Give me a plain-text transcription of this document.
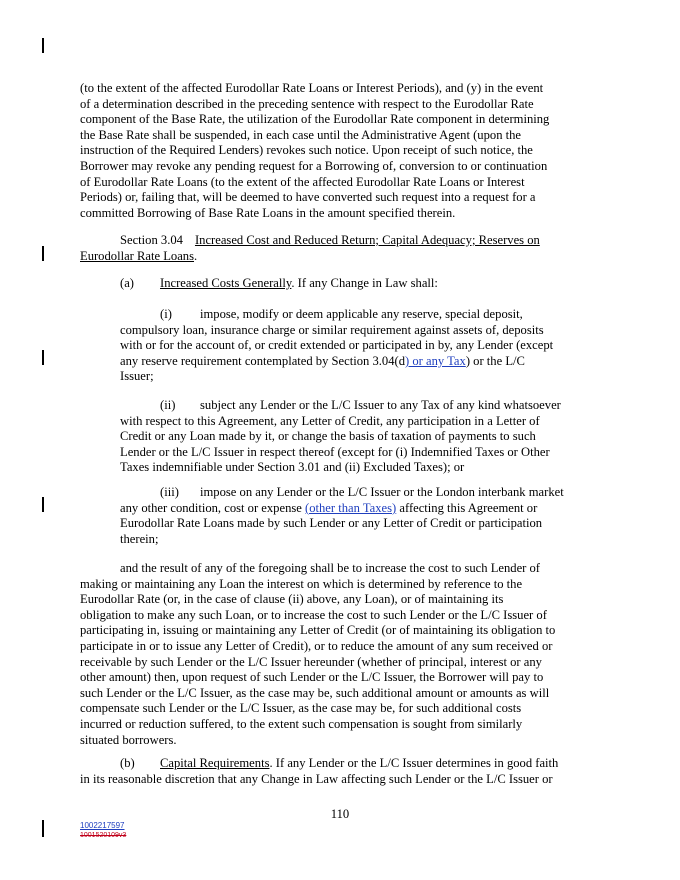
(to the extent of the affected Eurodollar Rate Loans or Interest Periods), and (y) in the event
of a determination described in the preceding sentence with respect to the Eurodollar Rate
component of the Base Rate, the utilization of the Eurodollar Rate component in determining
the Base Rate shall be suspended, in each case until the Administrative Agent (upon the
instruction of the Required Lenders) revokes such notice. Upon receipt of such notice, the
Borrower may revoke any pending request for a Borrowing of, conversion to or continuation
of Eurodollar Rate Loans (to the extent of the affected Eurodollar Rate Loans or Interest
Periods) or, failing that, will be deemed to have converted such request into a request for a
committed Borrowing of Base Rate Loans in the amount specified therein.
Section 3.04 Increased Cost and Reduced Return; Capital Adequacy; Reserves on
Eurodollar Rate Loans.
(a) Increased Costs Generally. If any Change in Law shall:
(i) impose, modify or deem applicable any reserve, special deposit,
compulsory loan, insurance charge or similar requirement against assets of, deposits
with or for the account of, or credit extended or participated in by, any Lender (except
any reserve requirement contemplated by Section 3.04(d) or any Tax) or the L/C
Issuer;
(ii) subject any Lender or the L/C Issuer to any Tax of any kind whatsoever
with respect to this Agreement, any Letter of Credit, any participation in a Letter of
Credit or any Loan made by it, or change the basis of taxation of payments to such
Lender or the L/C Issuer in respect thereof (except for (i) Indemnified Taxes or Other
Taxes indemnifiable under Section 3.01 and (ii) Excluded Taxes); or
(iii) impose on any Lender or the L/C Issuer or the London interbank market
any other condition, cost or expense (other than Taxes) affecting this Agreement or
Eurodollar Rate Loans made by such Lender or any Letter of Credit or participation
therein;
and the result of any of the foregoing shall be to increase the cost to such Lender of
making or maintaining any Loan the interest on which is determined by reference to the
Eurodollar Rate (or, in the case of clause (ii) above, any Loan), or of maintaining its
obligation to make any such Loan, or to increase the cost to such Lender or the L/C Issuer of
participating in, issuing or maintaining any Letter of Credit (or of maintaining its obligation to
participate in or to issue any Letter of Credit), or to reduce the amount of any sum received or
receivable by such Lender or the L/C Issuer hereunder (whether of principal, interest or any
other amount) then, upon request of such Lender or the L/C Issuer, the Borrower will pay to
such Lender or the L/C Issuer, as the case may be, such additional amount or amounts as will
compensate such Lender or the L/C Issuer, as the case may be, for such additional costs
incurred or reduction suffered, to the extent such compensation is sought from similarly
situated borrowers.
(b) Capital Requirements. If any Lender or the L/C Issuer determines in good faith
in its reasonable discretion that any Change in Law affecting such Lender or the L/C Issuer or
110
1002217597
1001520109v3
